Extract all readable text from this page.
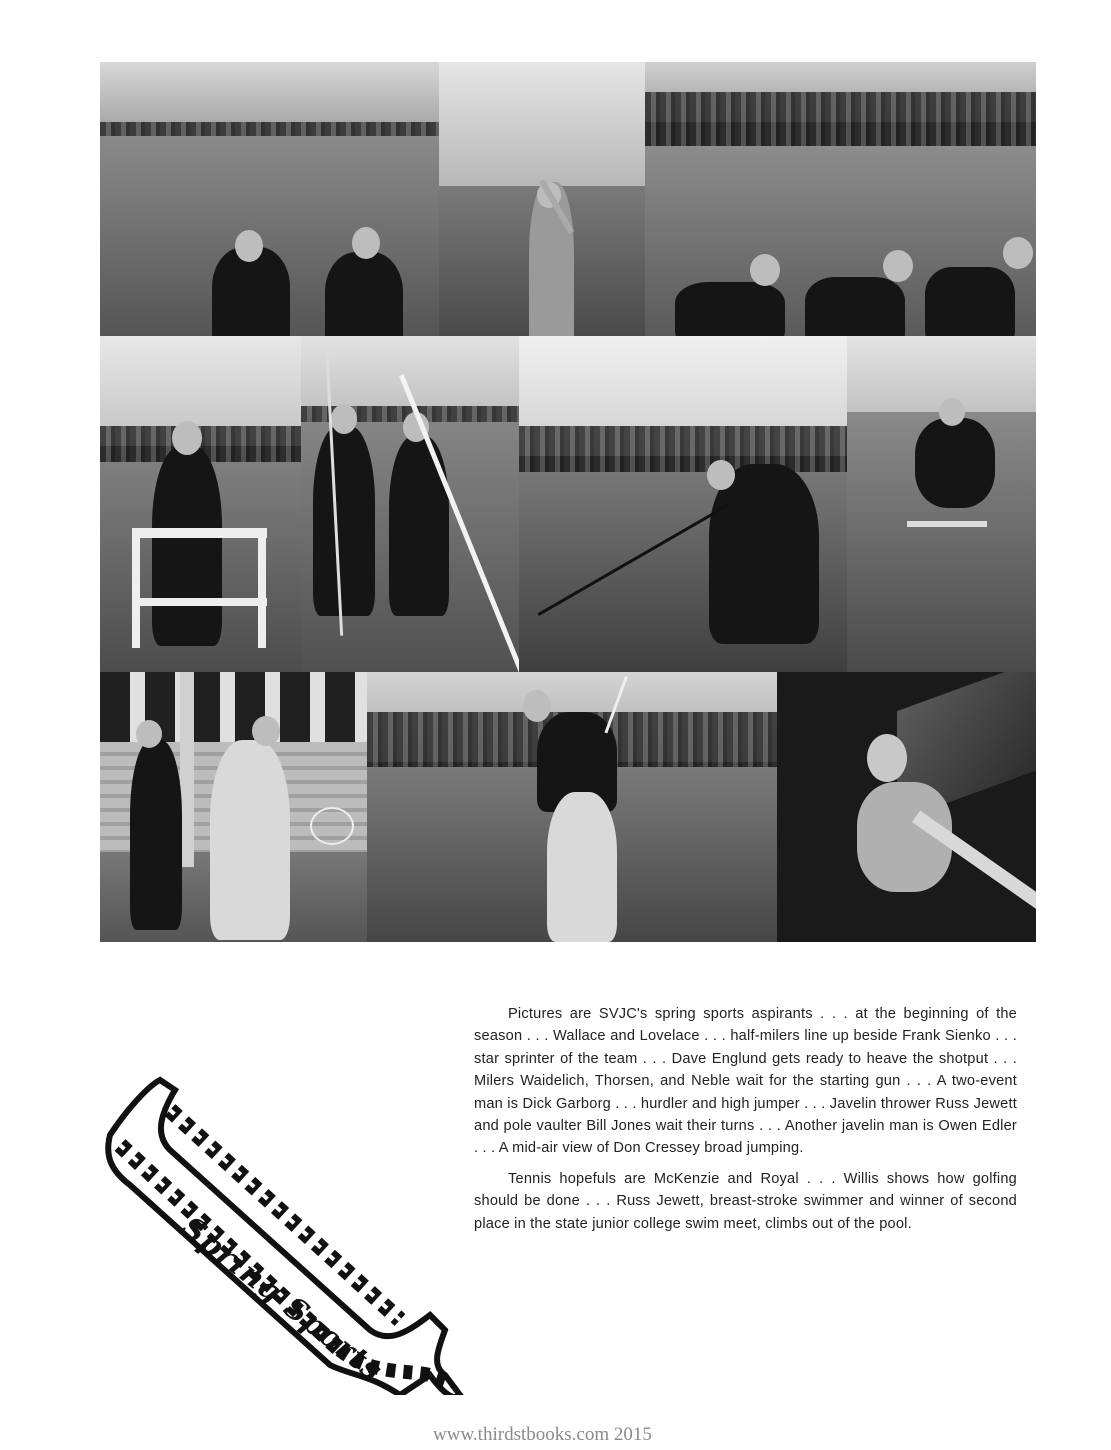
Pictures are SVJC's spring sports aspirants . . . at the beginning of the season . . . Wallace and Lovelace . . . half-milers line up beside Frank Sienko . . . star sprinter of the team . . . Dave Englund gets ready to heave the shotput . . . Milers Waidelich, Thorsen, and Neble wait for the starting gun . . . A two-event man is Dick Garborg . . . hurdler and high jumper . . . Javelin thrower Russ Jewett and pole vaulter Bill Jones wait their turns . . . Another javelin man is Owen Edler . . . A mid-air view of Don Cressey broad jumping.

Tennis hopefuls are McKenzie and Royal . . . Willis shows how golfing should be done . . . Russ Jewett, breast-stroke swimmer and winner of second place in the state junior college swim meet, climbs out of the pool.

Spring Sports
www.thirdstbooks.com 2015
